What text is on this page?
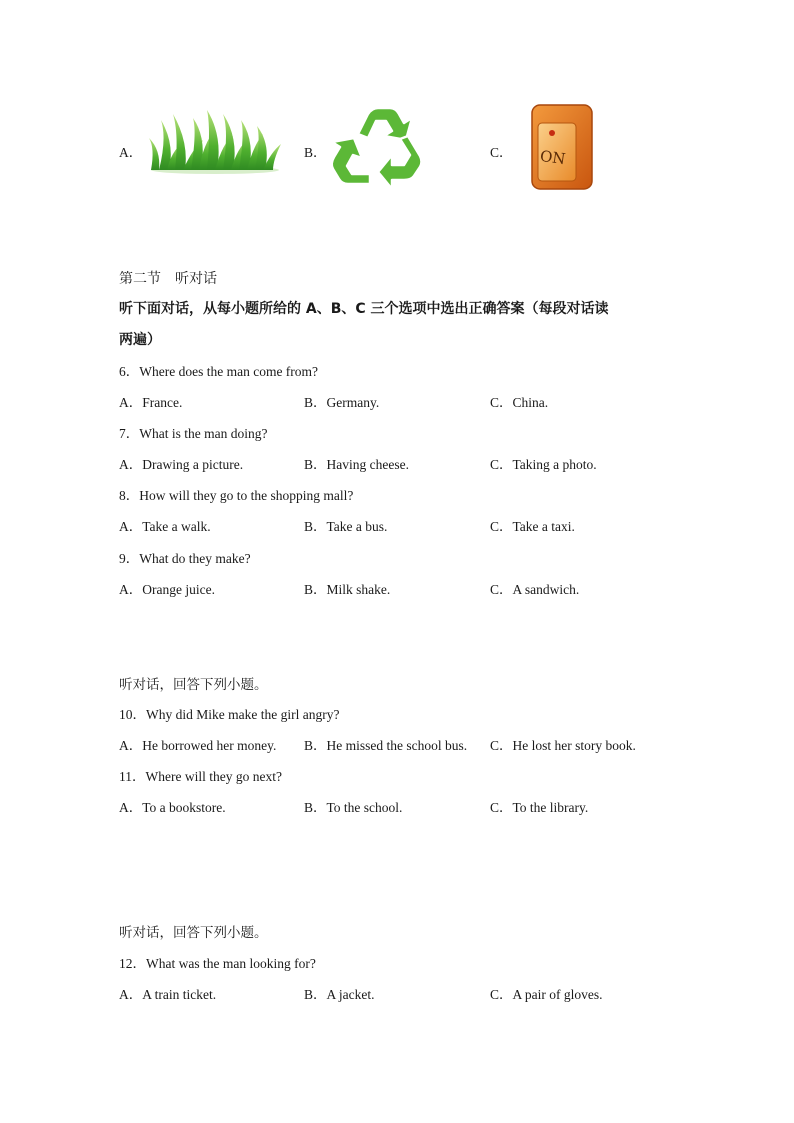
A．	B．	C． ON
第二节　听对话
听下面对话，从每小题所给的 A、B、C 三个选项中选出正确答案（每段对话读
两遍）
6．Where does the man come from?
A．France.	B．Germany.	C．China.
7．What is the man doing?
A．Drawing a picture.	B．Having cheese.	C．Taking a photo.
8．How will they go to the shopping mall?
A．Take a walk.	B．Take a bus.	C．Take a taxi.
9．What do they make?
A．Orange juice.	B．Milk shake.	C．A sandwich.
听对话，回答下列小题。
10．Why did Mike make the girl angry?
A．He borrowed her money. B．He missed the school bus. C．He lost her story book.
11．Where will they go next?
A．To a bookstore.	B．To the school.	C．To the library.
听对话，回答下列小题。
12．What was the man looking for?
A．A train ticket.	B．A jacket.	C．A pair of gloves.
